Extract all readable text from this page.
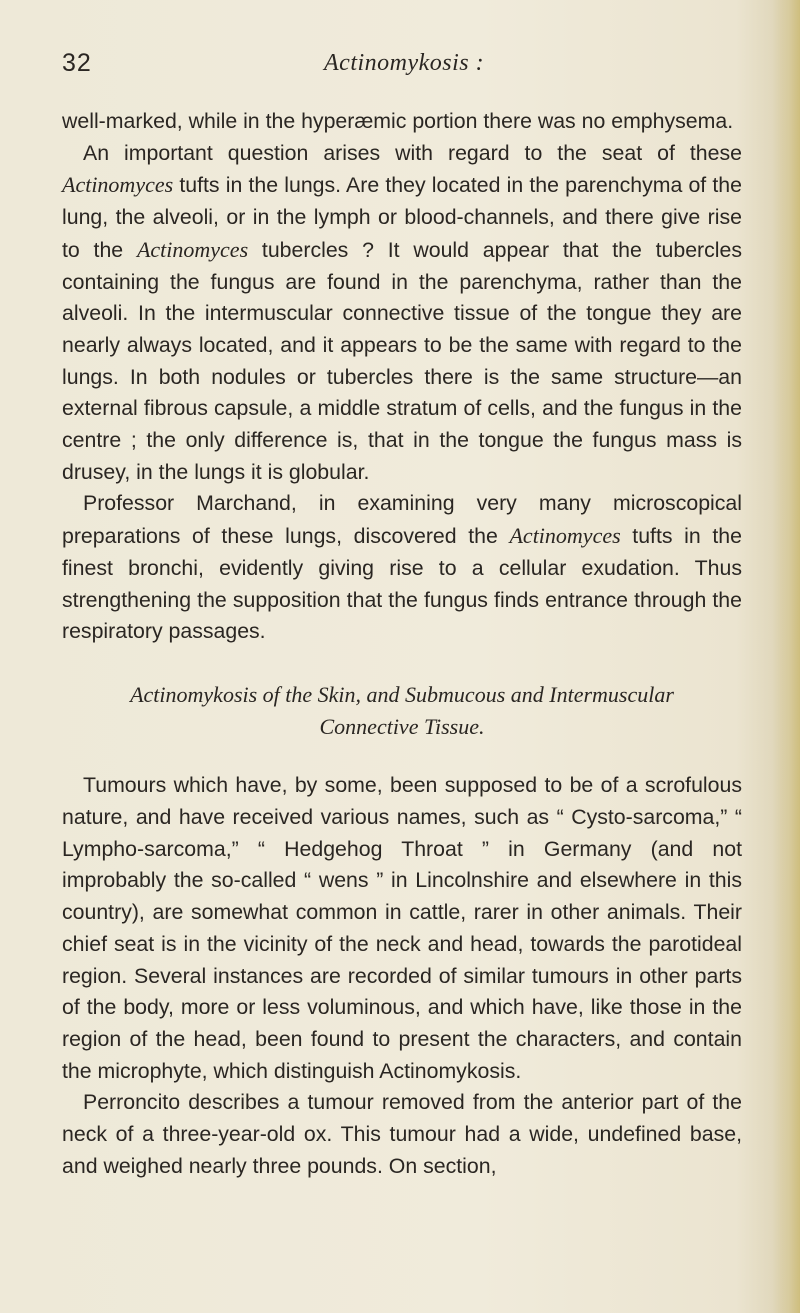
32	Actinomykosis :

well-marked, while in the hyperæmic portion there was no emphysema.

An important question arises with regard to the seat of these Actinomyces tufts in the lungs. Are they located in the parenchyma of the lung, the alveoli, or in the lymph or blood-channels, and there give rise to the Actinomyces tubercles ? It would appear that the tubercles containing the fungus are found in the parenchyma, rather than the alveoli. In the intermuscular connective tissue of the tongue they are nearly always located, and it appears to be the same with regard to the lungs. In both nodules or tubercles there is the same structure—an external fibrous capsule, a middle stratum of cells, and the fungus in the centre ; the only difference is, that in the tongue the fungus mass is drusey, in the lungs it is globular.

Professor Marchand, in examining very many microscopical preparations of these lungs, discovered the Actinomyces tufts in the finest bronchi, evidently giving rise to a cellular exudation. Thus strengthening the supposition that the fungus finds entrance through the respiratory passages.

Actinomykosis of the Skin, and Submucous and Intermuscular
Connective Tissue.

Tumours which have, by some, been supposed to be of a scrofulous nature, and have received various names, such as “ Cysto-sarcoma,” “ Lympho-sarcoma,” “ Hedgehog Throat ” in Germany (and not improbably the so-called “ wens ” in Lincolnshire and elsewhere in this country), are somewhat common in cattle, rarer in other animals. Their chief seat is in the vicinity of the neck and head, towards the parotideal region. Several instances are recorded of similar tumours in other parts of the body, more or less voluminous, and which have, like those in the region of the head, been found to present the characters, and contain the microphyte, which distinguish Actinomykosis.

Perroncito describes a tumour removed from the anterior part of the neck of a three-year-old ox. This tumour had a wide, undefined base, and weighed nearly three pounds. On section,
